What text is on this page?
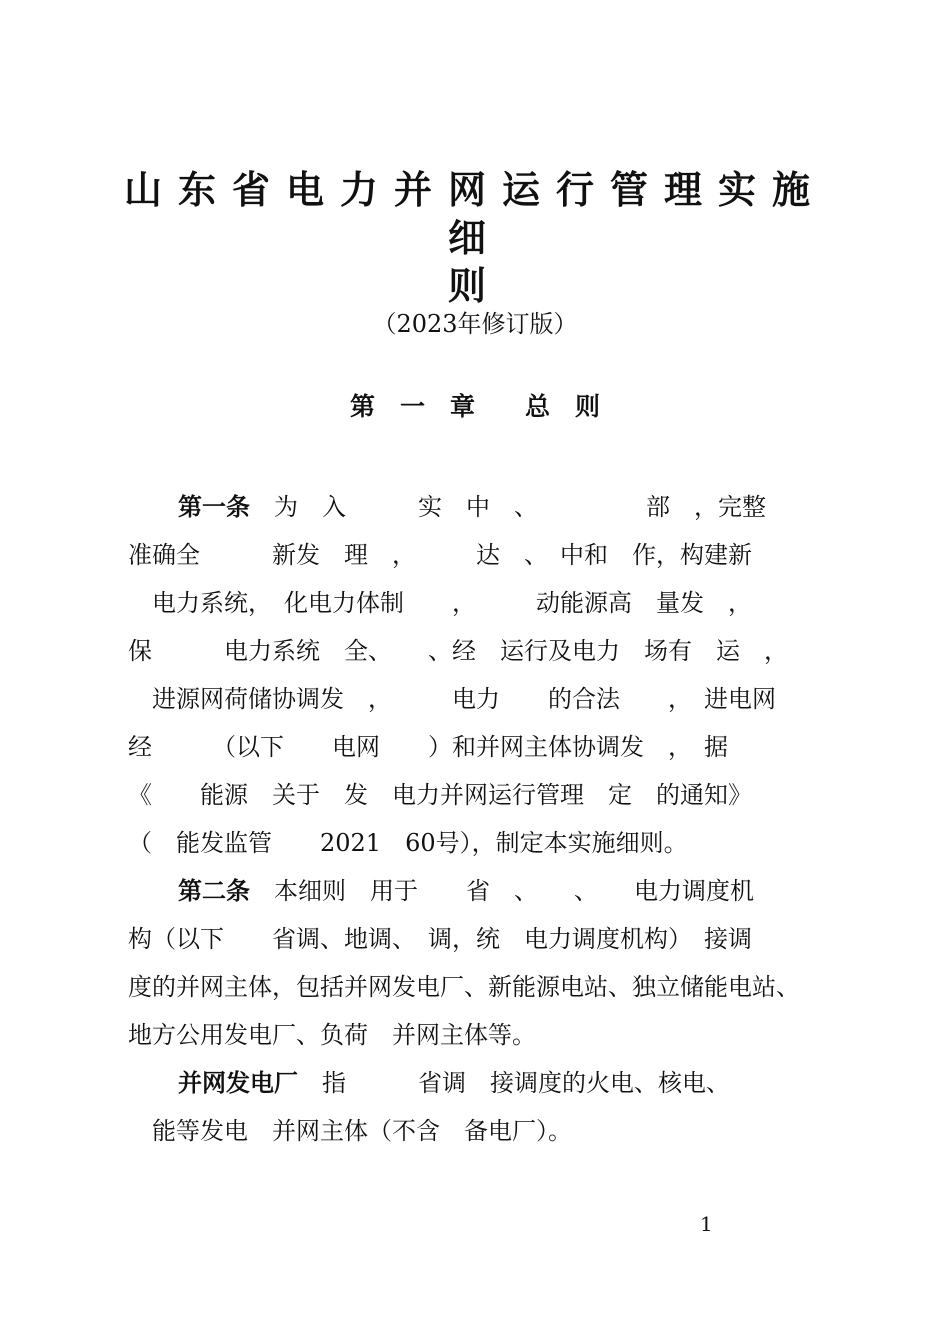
山东省电力并网运行管理实施细
则
（2023年修订版）
第　一　章　　总　则
第一条　为　入　　　实　中　、　　　　　部　，完整
准确全　　　新发　理　，　　　达　、　中和　作，构建新
　电力系统，　化电力体制　　，　　　动能源高　量发　，
保　　　电力系统　全、　　、经　运行及电力　场有　运　，
　进源网荷储协调发　，　　　电力　　的合法　　，　进电网
经　　　（以下　　电网　　）和并网主体协调发　，　据
《　　能源　关于　发　电力并网运行管理　定　的通知》
（　能发监管　　2021　60号），制定本实施细则。
第二条　本细则　用于　　省　、　　、　　电力调度机
构（以下　　省调、地调、　调，统　电力调度机构）　接调
度的并网主体，包括并网发电厂、新能源电站、独立储能电站、
地方公用发电厂、负荷　并网主体等。
并网发电厂　指　　　省调　接调度的火电、核电、
　能等发电　并网主体（不含　备电厂）。
1
